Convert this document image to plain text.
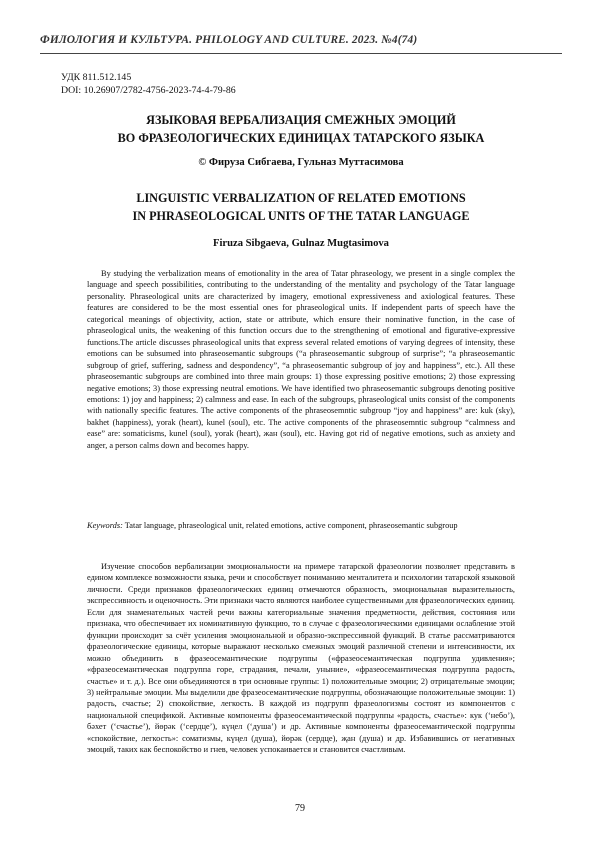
ФИЛОЛОГИЯ И КУЛЬТУРА. PHILOLOGY AND CULTURE. 2023. №4(74)
УДК 811.512.145
DOI: 10.26907/2782-4756-2023-74-4-79-86
ЯЗЫКОВАЯ ВЕРБАЛИЗАЦИЯ СМЕЖНЫХ ЭМОЦИЙ
ВО ФРАЗЕОЛОГИЧЕСКИХ ЕДИНИЦАХ ТАТАРСКОГО ЯЗЫКА
© Фируза Сибгаева, Гульназ Муттасимова
LINGUISTIC VERBALIZATION OF RELATED EMOTIONS
IN PHRASEOLOGICAL UNITS OF THE TATAR LANGUAGE
Firuza Sibgaeva, Gulnaz Mugtasimova

By studying the verbalization means of emotionality in the area of Tatar phraseology, we present in a single complex the language and speech possibilities, contributing to the understanding of the mentality and psychology of the Tatar language personality. Phraseological units are characterized by imagery, emotional expressiveness and axiological features. These features are considered to be the most essential ones for phraseological units. If independent parts of speech have the categorical meanings of objectivity, action, state or attribute, which ensure their nominative function, in the case of phraseological units, the weakening of this function occurs due to the strengthening of emotional and figurative-expressive functions.The article discusses phraseological units that express several related emotions of varying degrees of intensity, these emotions can be subsumed into phraseosemantic subgroups (“a phraseosemantic subgroup of surprise”; “a phraseosemantic subgroup of grief, suffering, sadness and despondency”, “a phraseosemantic subgroup of joy and happiness”, etc.). All these phraseosemantic subgroups are combined into three main groups: 1) those expressing positive emotions; 2) those expressing negative emotions; 3) those expressing neutral emotions. We have identified two phraseosemantic subgroups denoting positive emotions: 1) joy and happiness; 2) calmness and ease. In each of the subgroups, phraseological units consist of the components with nationally specific features. The active components of the phraseosemntic subgroup “joy and happiness” are: kuk (sky), bakhet (happiness), yorak (heart), kunel (soul), etc. The active components of the phraseosemntic subgroup “calmness and ease” are: somaticisms, kunel (soul), yorak (heart), жан (soul), etc. Having got rid of negative emotions, such as anxiety and anger, a person calms down and becomes happy.

Keywords: Tatar language, phraseological unit, related emotions, active component, phraseosemantic subgroup

Изучение способов вербализации эмоциональности на примере татарской фразеологии позволяет представить в едином комплексе возможности языка, речи и способствует пониманию менталитета и психологии татарской языковой личности. Среди признаков фразеологических единиц отмечаются образность, эмоциональная выразительность, экспрессивность и оценочность. Эти признаки часто являются наиболее существенными для фразеологических единиц. Если для знаменательных частей речи важны категориальные значения предметности, действия, состояния или признака, что обеспечивает их номинативную функцию, то в случае с фразеологическими единицами ослабление этой функции происходит за счёт усиления эмоциональной и образно-экспрессивной функций. В статье рассматриваются фразеологические единицы, которые выражают несколько смежных эмоций различной степени и интенсивности, их можно объединить в фразеосемантические подгруппы («фразеосемантическая подгруппа удивления»; «фразеосемантическая подгруппа горе, страдания, печали, уныние», «фразеосемантическая подгруппа радость, счастье» и т. д.). Все они объединяются в три основные группы: 1) положительные эмоции; 2) отрицательные эмоции; 3) нейтральные эмоции. Мы выделили две фразеосемантические подгруппы, обозначающие положительные эмоции: 1) радость, счастье; 2) спокойствие, легкость. В каждой из подгрупп фразеологизмы состоят из компонентов с национальной спецификой. Активные компоненты фразеосемантической подгруппы «радость, счастье»: кук (‘небо’), бәхет (‘счастье’), йөрәк (‘сердце’), күңел (‘душа’) и др. Активные компоненты фразеосемантической подгруппы «спокойствие, легкость»: соматизмы, күңел (душа), йөрәк (сердце), җан (душа) и др. Избавившись от негативных эмоций, таких как беспокойство и гнев, человек успокаивается и становится счастливым.

79
